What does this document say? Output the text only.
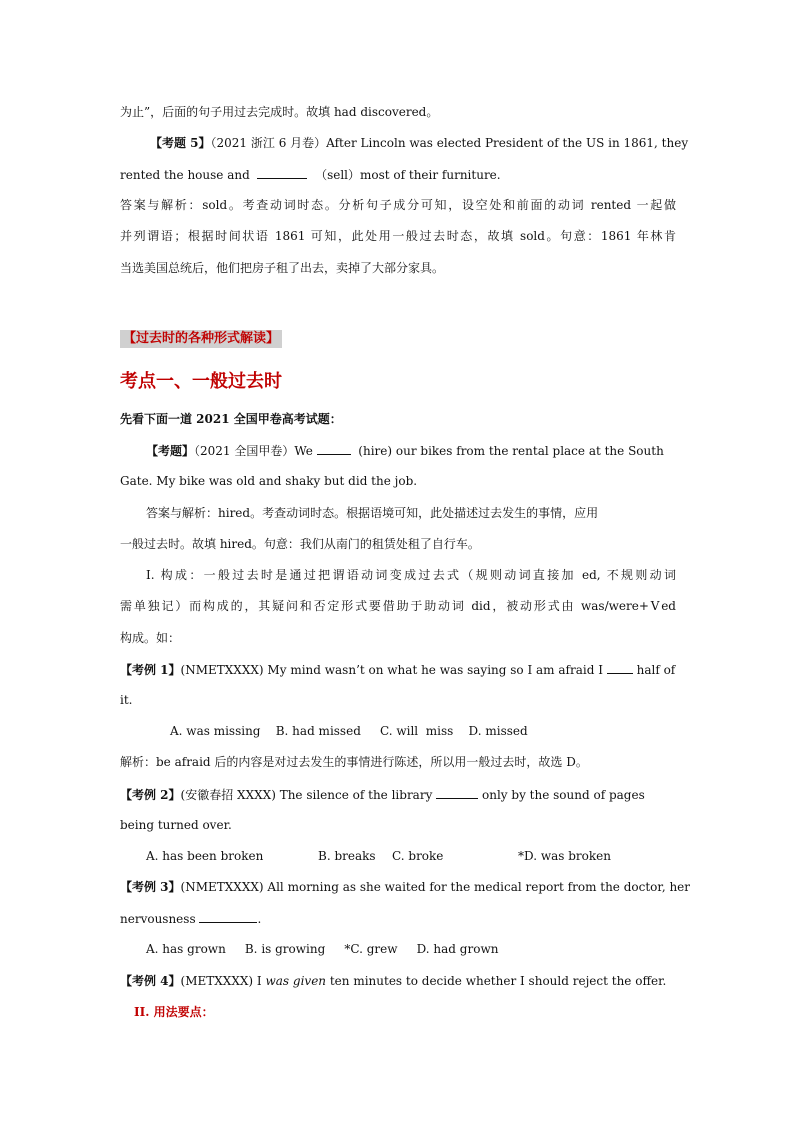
为止”，后面的句子用过去完成时。故填 had discovered。
【考题 5】（2021 浙江 6 月卷）After Lincoln was elected President of the US in 1861, they
rented the house and	（sell）most of their furniture.
答案与解析：sold。考查动词时态。分析句子成分可知，设空处和前面的动词 rented 一起做
并列谓语；根据时间状语 1861 可知，此处用一般过去时态，故填 sold。句意：1861 年林肯
当选美国总统后，他们把房子租了出去，卖掉了大部分家具。
【过去时的各种形式解读】
考点一、一般过去时
先看下面一道 2021 全国甲卷高考试题：
【考题】（2021 全国甲卷）We	(hire) our bikes from the rental place at the South
Gate. My bike was old and shaky but did the job.
答案与解析：hired。考查动词时态。根据语境可知，此处描述过去发生的事情，应用
一般过去时。故填 hired。句意：我们从南门的租赁处租了自行车。
I. 构成：一般过去时是通过把谓语动词变成过去式（规则动词直接加 ed, 不规则动词
需单独记）而构成的，其疑问和否定形式要借助于助动词 did，被动形式由 was/were+Ⅴed
构成。如：
【考例 1】(NMETXXXX) My mind wasn’t on what he was saying so I am afraid I	half of
it.
A. was missing    B. had missed     C. will  miss    D. missed
解析：be afraid 后的内容是对过去发生的事情进行陈述，所以用一般过去时，故选 D。
【考例 2】(安徽春招 XXXX) The silence of the library	only by the sound of pages
being turned over.
A. has been broken	B. breaks C. broke	*D. was broken
【考例 3】(NMETXXXX) All morning as she waited for the medical report from the doctor, her
nervousness	.
A. has grown     B. is growing     *C. grew     D. had grown
【考例 4】(METXXXX) I was given ten minutes to decide whether I should reject the offer.
II. 用法要点：
